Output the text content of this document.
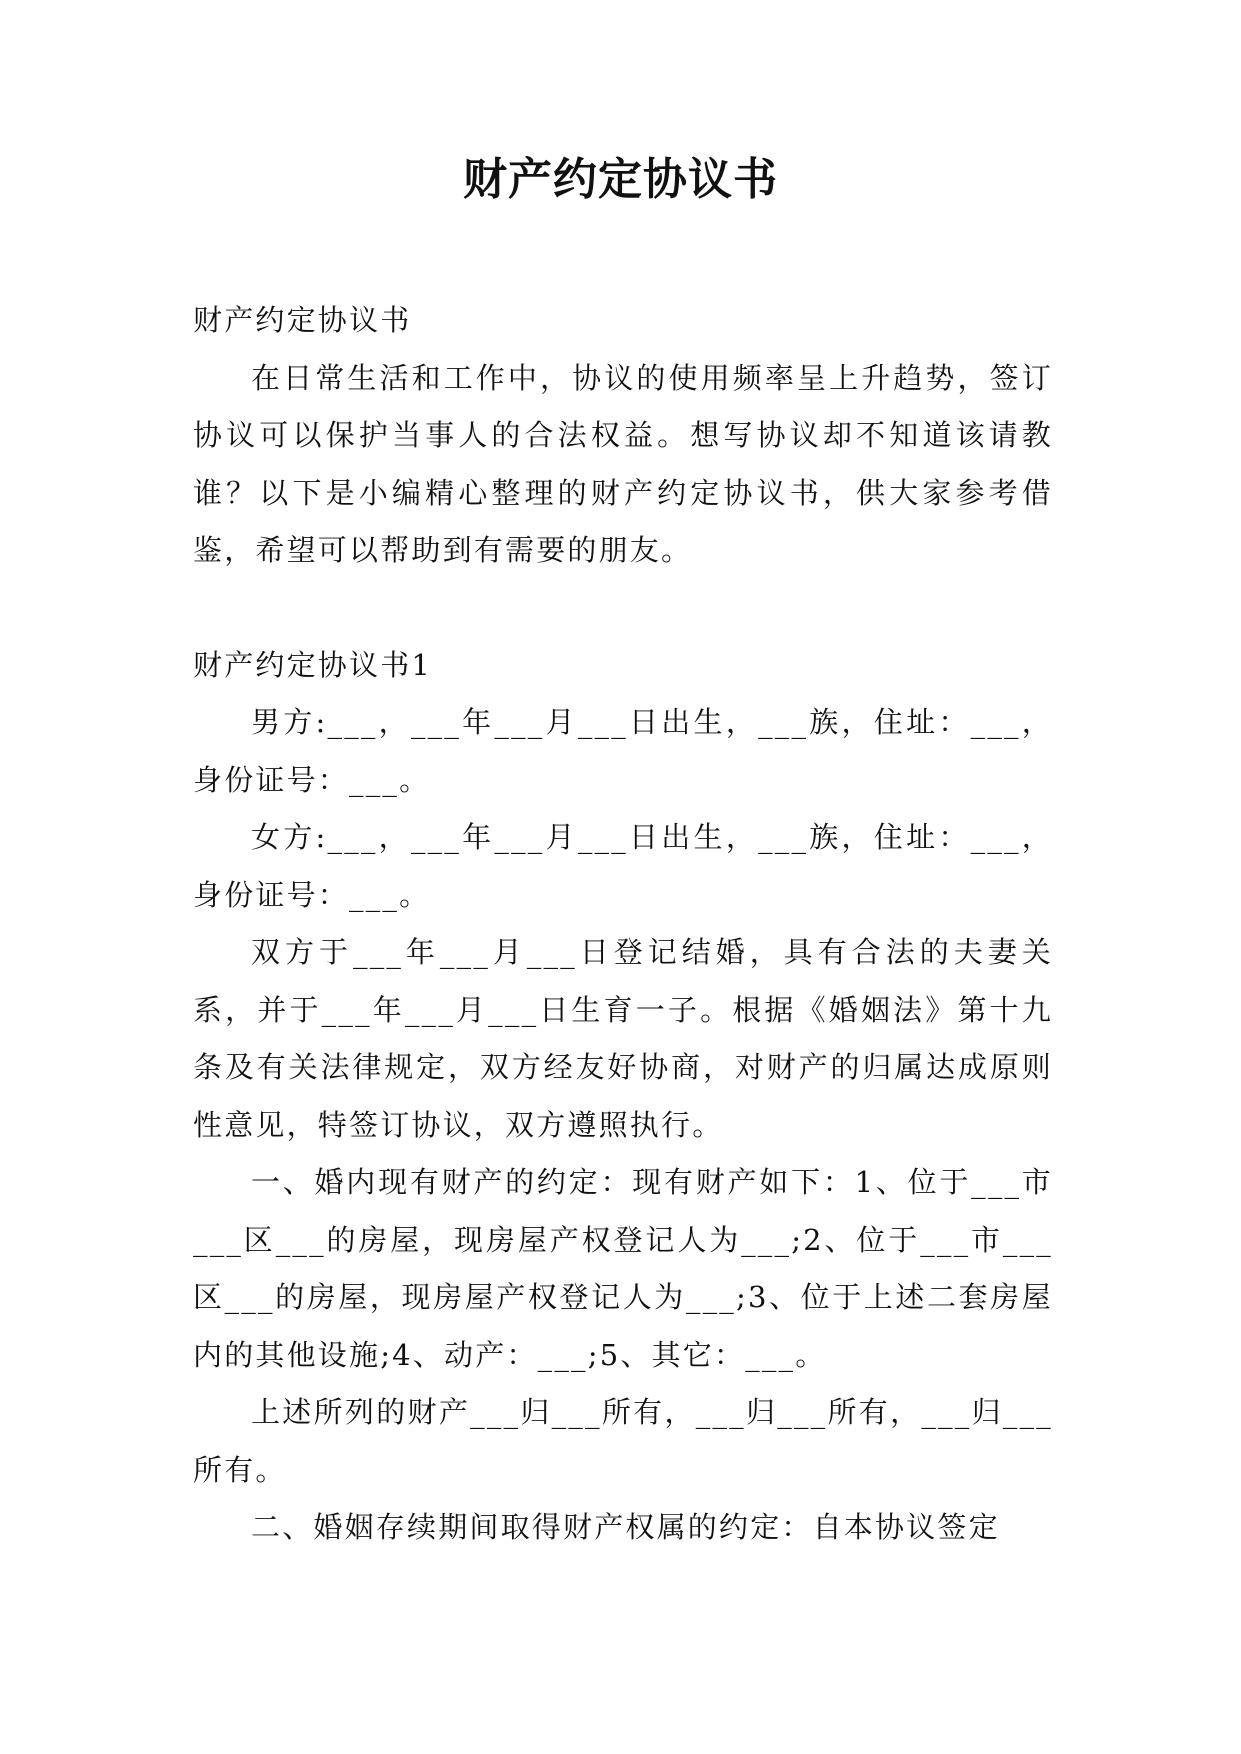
财产约定协议书

财产约定协议书

在日常生活和工作中，协议的使用频率呈上升趋势，签订协议可以保护当事人的合法权益。想写协议却不知道该请教谁？以下是小编精心整理的财产约定协议书，供大家参考借鉴，希望可以帮助到有需要的朋友。

财产约定协议书1

男方:___，___年___月___日出生，___族，住址：___，身份证号：___。

女方:___，___年___月___日出生，___族，住址：___，身份证号：___。

双方于___年___月___日登记结婚，具有合法的夫妻关系，并于___年___月___日生育一子。根据《婚姻法》第十九条及有关法律规定，双方经友好协商，对财产的归属达成原则性意见，特签订协议，双方遵照执行。

一、婚内现有财产的约定：现有财产如下：1、位于___市___区___的房屋，现房屋产权登记人为___;2、位于___市___区___的房屋，现房屋产权登记人为___;3、位于上述二套房屋内的其他设施;4、动产：___;5、其它：___。

上述所列的财产___归___所有，___归___所有，___归___所有。

二、婚姻存续期间取得财产权属的约定：自本协议签定
